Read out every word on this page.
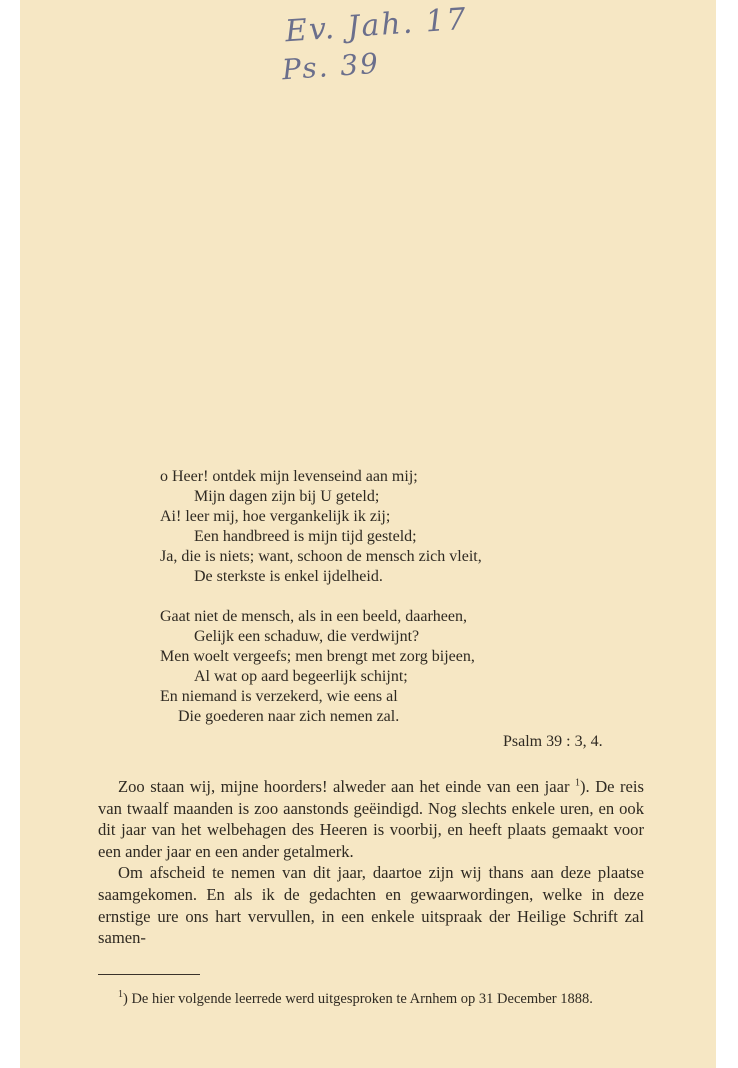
Ev. Jah. 17
Ps. 39
o Heer! ontdek mijn levenseind aan mij;
Mijn dagen zijn bij U geteld;
Ai! leer mij, hoe vergankelijk ik zij;
Een handbreed is mijn tijd gesteld;
Ja, die is niets; want, schoon de mensch zich vleit,
De sterkste is enkel ijdelheid.
Gaat niet de mensch, als in een beeld, daarheen,
Gelijk een schaduw, die verdwijnt?
Men woelt vergeefs; men brengt met zorg bijeen,
Al wat op aard begeerlijk schijnt;
En niemand is verzekerd, wie eens al
Die goederen naar zich nemen zal.
Psalm 39 : 3, 4.

Zoo staan wij, mijne hoorders! alweder aan het einde van een jaar $^1$). De reis van twaalf maanden is zoo aanstonds geëindigd. Nog slechts enkele uren, en ook dit jaar van het welbehagen des Heeren is voorbij, en heeft plaats gemaakt voor een ander jaar en een ander getalmerk.

Om afscheid te nemen van dit jaar, daartoe zijn wij thans aan deze plaatse saamgekomen. En als ik de gedachten en gewaarwordingen, welke in deze ernstige ure ons hart vervullen, in een enkele uitspraak der Heilige Schrift zal samen-

$^1$) De hier volgende leerrede werd uitgesproken te Arnhem op 31 December 1888.
